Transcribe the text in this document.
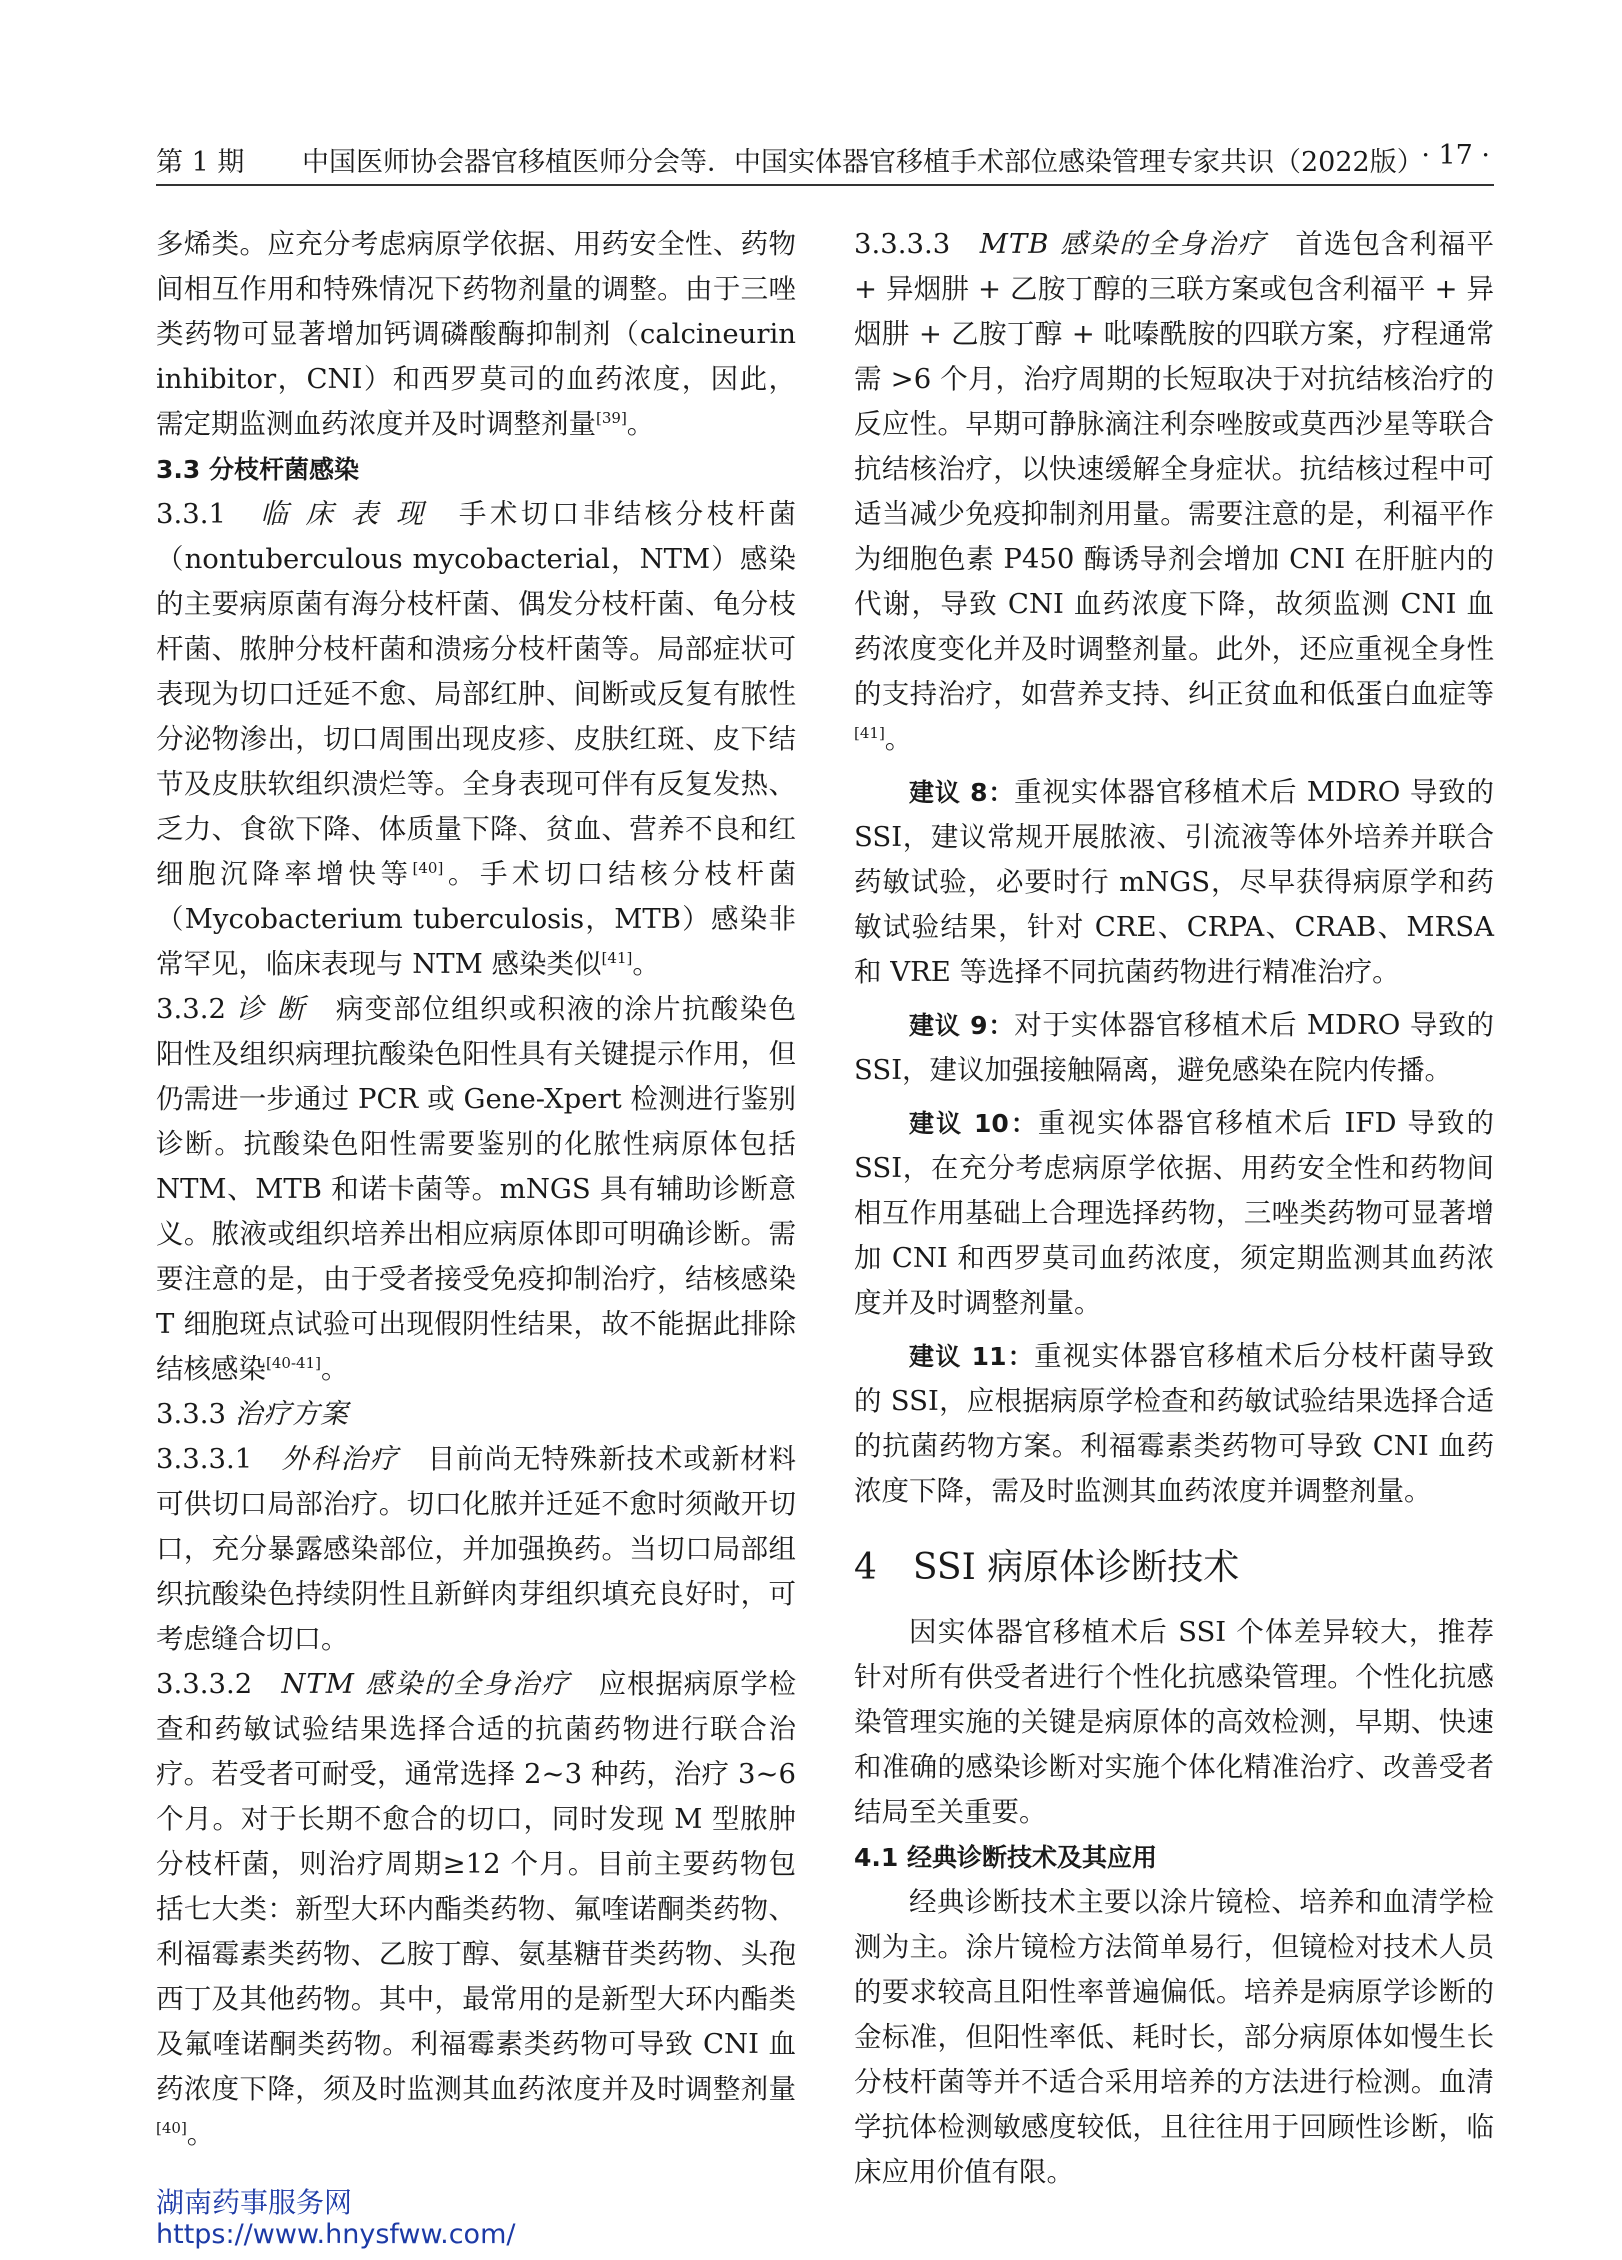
第 1 期 中国医师协会器官移植医师分会等．中国实体器官移植手术部位感染管理专家共识（2022版）
· 17 ·

多烯类。应充分考虑病原学依据、用药安全性、药物间相互作用和特殊情况下药物剂量的调整。由于三唑类药物可显著增加钙调磷酸酶抑制剂（calcineurin inhibitor，CNI）和西罗莫司的血药浓度，因此，需定期监测血药浓度并及时调整剂量[39]。

3.3 分枝杆菌感染

3.3.1　 临 床 表 现　 手术切口非结核分枝杆菌（nontuberculous mycobacterial，NTM）感染的主要病原菌有海分枝杆菌、偶发分枝杆菌、龟分枝杆菌、脓肿分枝杆菌和溃疡分枝杆菌等。局部症状可表现为切口迁延不愈、局部红肿、间断或反复有脓性分泌物渗出，切口周围出现皮疹、皮肤红斑、皮下结节及皮肤软组织溃烂等。全身表现可伴有反复发热、乏力、食欲下降、体质量下降、贫血、营养不良和红细胞沉降率增快等[40]。手术切口结核分枝杆菌（Mycobacterium tuberculosis，MTB）感染非常罕见，临床表现与 NTM 感染类似[41]。

3.3.2 诊 断　 病变部位组织或积液的涂片抗酸染色阳性及组织病理抗酸染色阳性具有关键提示作用，但仍需进一步通过 PCR 或 Gene-Xpert 检测进行鉴别诊断。抗酸染色阳性需要鉴别的化脓性病原体包括 NTM、MTB 和诺卡菌等。mNGS 具有辅助诊断意义。脓液或组织培养出相应病原体即可明确诊断。需要注意的是，由于受者接受免疫抑制治疗，结核感染 T 细胞斑点试验可出现假阴性结果，故不能据此排除结核感染[40-41]。

3.3.3 治疗方案

3.3.3.1　 外科治疗　 目前尚无特殊新技术或新材料可供切口局部治疗。切口化脓并迁延不愈时须敞开切口，充分暴露感染部位，并加强换药。当切口局部组织抗酸染色持续阴性且新鲜肉芽组织填充良好时，可考虑缝合切口。

3.3.3.2　 NTM 感染的全身治疗　 应根据病原学检查和药敏试验结果选择合适的抗菌药物进行联合治疗。若受者可耐受，通常选择 2~3 种药，治疗 3~6 个月。对于长期不愈合的切口，同时发现 M 型脓肿分枝杆菌，则治疗周期≥12 个月。目前主要药物包括七大类：新型大环内酯类药物、氟喹诺酮类药物、利福霉素类药物、乙胺丁醇、氨基糖苷类药物、头孢西丁及其他药物。其中，最常用的是新型大环内酯类及氟喹诺酮类药物。利福霉素类药物可导致 CNI 血药浓度下降，须及时监测其血药浓度并及时调整剂量[40]。

3.3.3.3　 MTB 感染的全身治疗　 首选包含利福平 + 异烟肼 + 乙胺丁醇的三联方案或包含利福平 + 异烟肼 + 乙胺丁醇 + 吡嗪酰胺的四联方案，疗程通常需 >6 个月，治疗周期的长短取决于对抗结核治疗的反应性。早期可静脉滴注利奈唑胺或莫西沙星等联合抗结核治疗，以快速缓解全身症状。抗结核过程中可适当减少免疫抑制剂用量。需要注意的是，利福平作为细胞色素 P450 酶诱导剂会增加 CNI 在肝脏内的代谢，导致 CNI 血药浓度下降，故须监测 CNI 血药浓度变化并及时调整剂量。此外，还应重视全身性的支持治疗，如营养支持、纠正贫血和低蛋白血症等[41]。

建议 8：重视实体器官移植术后 MDRO 导致的 SSI，建议常规开展脓液、引流液等体外培养并联合药敏试验，必要时行 mNGS，尽早获得病原学和药敏试验结果，针对 CRE、CRPA、CRAB、MRSA 和 VRE 等选择不同抗菌药物进行精准治疗。

建议 9：对于实体器官移植术后 MDRO 导致的 SSI，建议加强接触隔离，避免感染在院内传播。

建议 10：重视实体器官移植术后 IFD 导致的 SSI，在充分考虑病原学依据、用药安全性和药物间相互作用基础上合理选择药物，三唑类药物可显著增加 CNI 和西罗莫司血药浓度，须定期监测其血药浓度并及时调整剂量。

建议 11：重视实体器官移植术后分枝杆菌导致的 SSI，应根据病原学检查和药敏试验结果选择合适的抗菌药物方案。利福霉素类药物可导致 CNI 血药浓度下降，需及时监测其血药浓度并调整剂量。

4　SSI 病原体诊断技术

因实体器官移植术后 SSI 个体差异较大，推荐针对所有供受者进行个性化抗感染管理。个性化抗感染管理实施的关键是病原体的高效检测，早期、快速和准确的感染诊断对实施个体化精准治疗、改善受者结局至关重要。

4.1 经典诊断技术及其应用

经典诊断技术主要以涂片镜检、培养和血清学检测为主。涂片镜检方法简单易行，但镜检对技术人员的要求较高且阳性率普遍偏低。培养是病原学诊断的金标准，但阳性率低、耗时长，部分病原体如慢生长分枝杆菌等并不适合采用培养的方法进行检测。血清学抗体检测敏感度较低，且往往用于回顾性诊断，临床应用价值有限。

湖南药事服务网
https://www.hnysfww.com/
